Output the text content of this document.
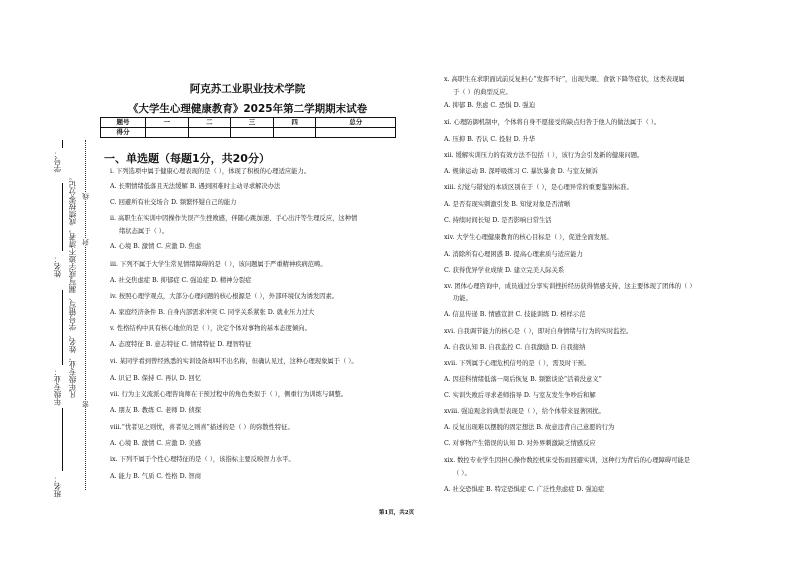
学号：
姓名：
年级专业：
班名：
凡年级专业、姓名、学号错写、漏写或字迹不清者，成绩按零分记。
密
封
线
阿克苏工业职业技术学院
《大学生心理健康教育》2025年第二学期期末试卷
题号	一	二	三	四	总分
得分					
一、单选题（每题1分，共20分）
i. 下列选项中属于健康心理表现的是（ ），体现了积极的心理适应能力。
A. 长期情绪低落且无法缓解 B. 遇到困难时主动寻求解决办法
C. 回避所有社交场合 D. 频繁怀疑自己的能力
ii. 高职生在实训中因操作失误产生挫败感，伴随心跳加速、手心出汗等生理反应，这种情
绪状态属于（ ）。
A. 心境 B. 激情 C. 应激 D. 焦虑
iii. 下列不属于大学生常见情绪障碍的是（ ），该问题属于严重精神疾病范畴。
A. 社交焦虑症 B. 抑郁症 C. 强迫症 D. 精神分裂症
iv. 按照心理学观点，大部分心理问题的核心根源是（ ），外部环境仅为诱发因素。
A. 家庭经济条件 B. 自身内部需求冲突 C. 同学关系紧张 D. 就业压力过大
v. 性格结构中具有核心地位的是（ ），决定个体对事物的基本态度倾向。
A. 态度特征 B. 意志特征 C. 情绪特征 D. 理智特征
vi. 某同学看到曾经熟悉的实训设备却叫不出名称，但确认见过，这种心理现象属于（ ）。
A. 识记 B. 保持 C. 再认 D. 回忆
vii. 行为主义流派心理咨询师在干预过程中的角色类似于（ ），侧重行为训练与调整。
A. 朋友 B. 教练 C. 老师 D. 侦探
viii.“忧者见之则忧，喜者见之则喜”描述的是（ ）的弥散性特征。
A. 心境 B. 激情 C. 应激 D. 美感
ix. 下列不属于个性心理特征的是（ ），该指标主要反映智力水平。
A. 能力 B. 气质 C. 性格 D. 智商
x. 高职生在求职面试前反复担心“发挥不好”，出现失眠、食欲下降等症状，这类表现属
于（ ）的典型反应。
A. 抑郁 B. 焦虑 C. 恐惧 D. 强迫
xi. 心理防御机制中，个体将自身不愿接受的缺点归咎于他人的做法属于（ ）。
A. 压抑 B. 否认 C. 投射 D. 升华
xii. 缓解实训压力的有效方法不包括（ ），该行为会引发新的健康问题。
A. 规律运动 B. 深呼吸练习 C. 暴饮暴食 D. 与室友倾诉
xiii. 幻觉与错觉的本质区别在于（ ），是心理异常的重要鉴别标准。
A. 是否有现实刺激引发 B. 知觉对象是否清晰
C. 持续时间长短 D. 是否影响日常生活
xiv. 大学生心理健康教育的核心目标是（ ），促进全面发展。
A. 消除所有心理困惑 B. 提高心理素质与适应能力
C. 获得优异学业成绩 D. 建立完美人际关系
xv. 团体心理咨询中，成员通过分享实训挫折经历获得情感支持，这主要体现了团体的（ ）
功能。
A. 信息传递 B. 情感宣泄 C. 技能训练 D. 榜样示范
xvi. 自我调节能力的核心是（ ），即对自身情绪与行为的实时监控。
A. 自我认知 B. 自我监控 C. 自我激励 D. 自我接纳
xvii. 下列属于心理危机信号的是（ ），需及时干预。
A. 因挂科情绪低落一周后恢复 B. 频繁谈论“活着没意义”
C. 实训失败后寻求老师指导 D. 与室友发生争吵后和解
xviii. 强迫观念的典型表现是（ ），给个体带来显著困扰。
A. 反复出现难以摆脱的固定想法 B. 故意违背自己意愿的行为
C. 对事物产生错误的认知 D. 对外界刺激缺乏情感反应
xix. 数控专业学生因担心操作数控机床受伤而回避实训，这种行为背后的心理障碍可能是
（ ）。
A. 社交恐惧症 B. 特定恐惧症 C. 广泛性焦虑症 D. 强迫症
第1页，共2页
